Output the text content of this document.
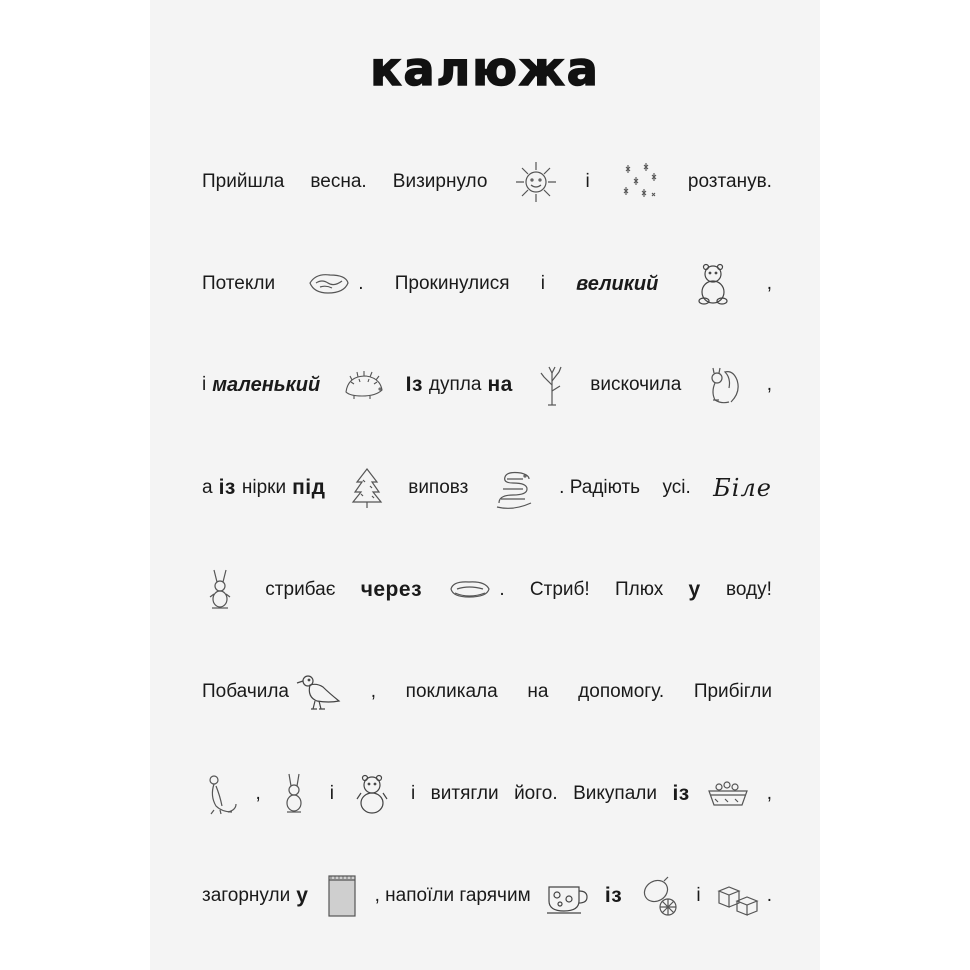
калюжа
Прийшла весна. Визирнуло	і	розтанув.
Потекли	. Прокинулися і великий	,
і маленький	Із дупла на	вискочила	,
а із нірки під	виповз	. Радіють усі. Біле
стрибає через	. Стриб! Плюх у воду!
Побачила	, покликала на допомогу. Прибігли
,	і	і витягли його. Викупали із	,
загорнули у	, напоїли гарячим	із	і	.
